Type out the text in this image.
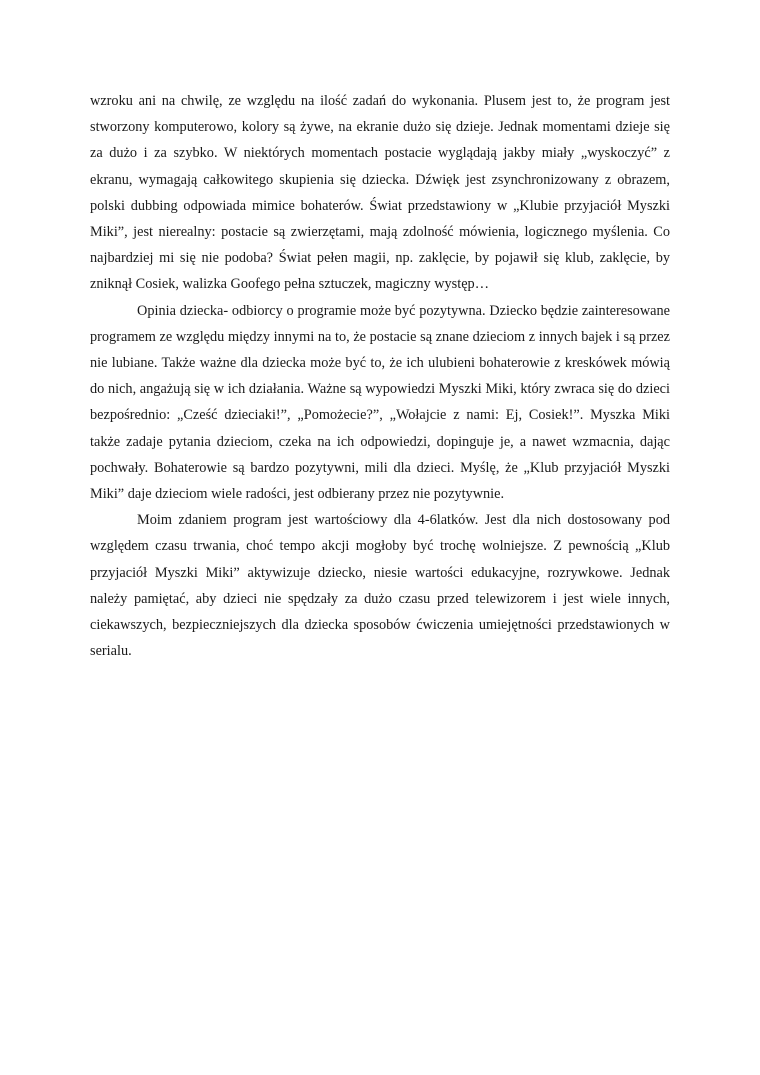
wzroku ani na chwilę, ze względu na ilość zadań do wykonania. Plusem jest to, że program jest stworzony komputerowo, kolory są żywe, na ekranie dużo się dzieje. Jednak momentami dzieje się za dużo i za szybko. W niektórych momentach postacie wyglądają jakby miały „wyskoczyć” z ekranu, wymagają całkowitego skupienia się dziecka. Dźwięk jest zsynchronizowany z obrazem, polski dubbing odpowiada mimice bohaterów. Świat przedstawiony w „Klubie przyjaciół Myszki Miki”, jest nierealny: postacie są zwierzętami, mają zdolność mówienia, logicznego myślenia. Co najbardziej mi się nie podoba? Świat pełen magii, np. zaklęcie, by pojawił się klub, zaklęcie, by zniknął Cosiek, walizka Goofego pełna sztuczek, magiczny występ…

Opinia dziecka- odbiorcy o programie może być pozytywna. Dziecko będzie zainteresowane programem ze względu między innymi na to, że postacie są znane dzieciom z innych bajek i są przez nie lubiane. Także ważne dla dziecka może być to, że ich ulubieni bohaterowie z kreskówek mówią do nich, angażują się w ich działania. Ważne są wypowiedzi Myszki Miki, który zwraca się do dzieci bezpośrednio: „Cześć dzieciaki!”, „Pomożecie?”, „Wołajcie z nami: Ej, Cosiek!”. Myszka Miki także zadaje pytania dzieciom, czeka na ich odpowiedzi, dopinguje je, a nawet wzmacnia, dając pochwały. Bohaterowie są bardzo pozytywni, mili dla dzieci. Myślę, że „Klub przyjaciół Myszki Miki” daje dzieciom wiele radości, jest odbierany przez nie pozytywnie.

Moim zdaniem program jest wartościowy dla 4-6latków. Jest dla nich dostosowany pod względem czasu trwania, choć tempo akcji mogłoby być trochę wolniejsze. Z pewnością „Klub przyjaciół Myszki Miki” aktywizuje dziecko, niesie wartości edukacyjne, rozrywkowe. Jednak należy pamiętać, aby dzieci nie spędzały za dużo czasu przed telewizorem i jest wiele innych, ciekawszych, bezpieczniejszych dla dziecka sposobów ćwiczenia umiejętności przedstawionych w serialu.
